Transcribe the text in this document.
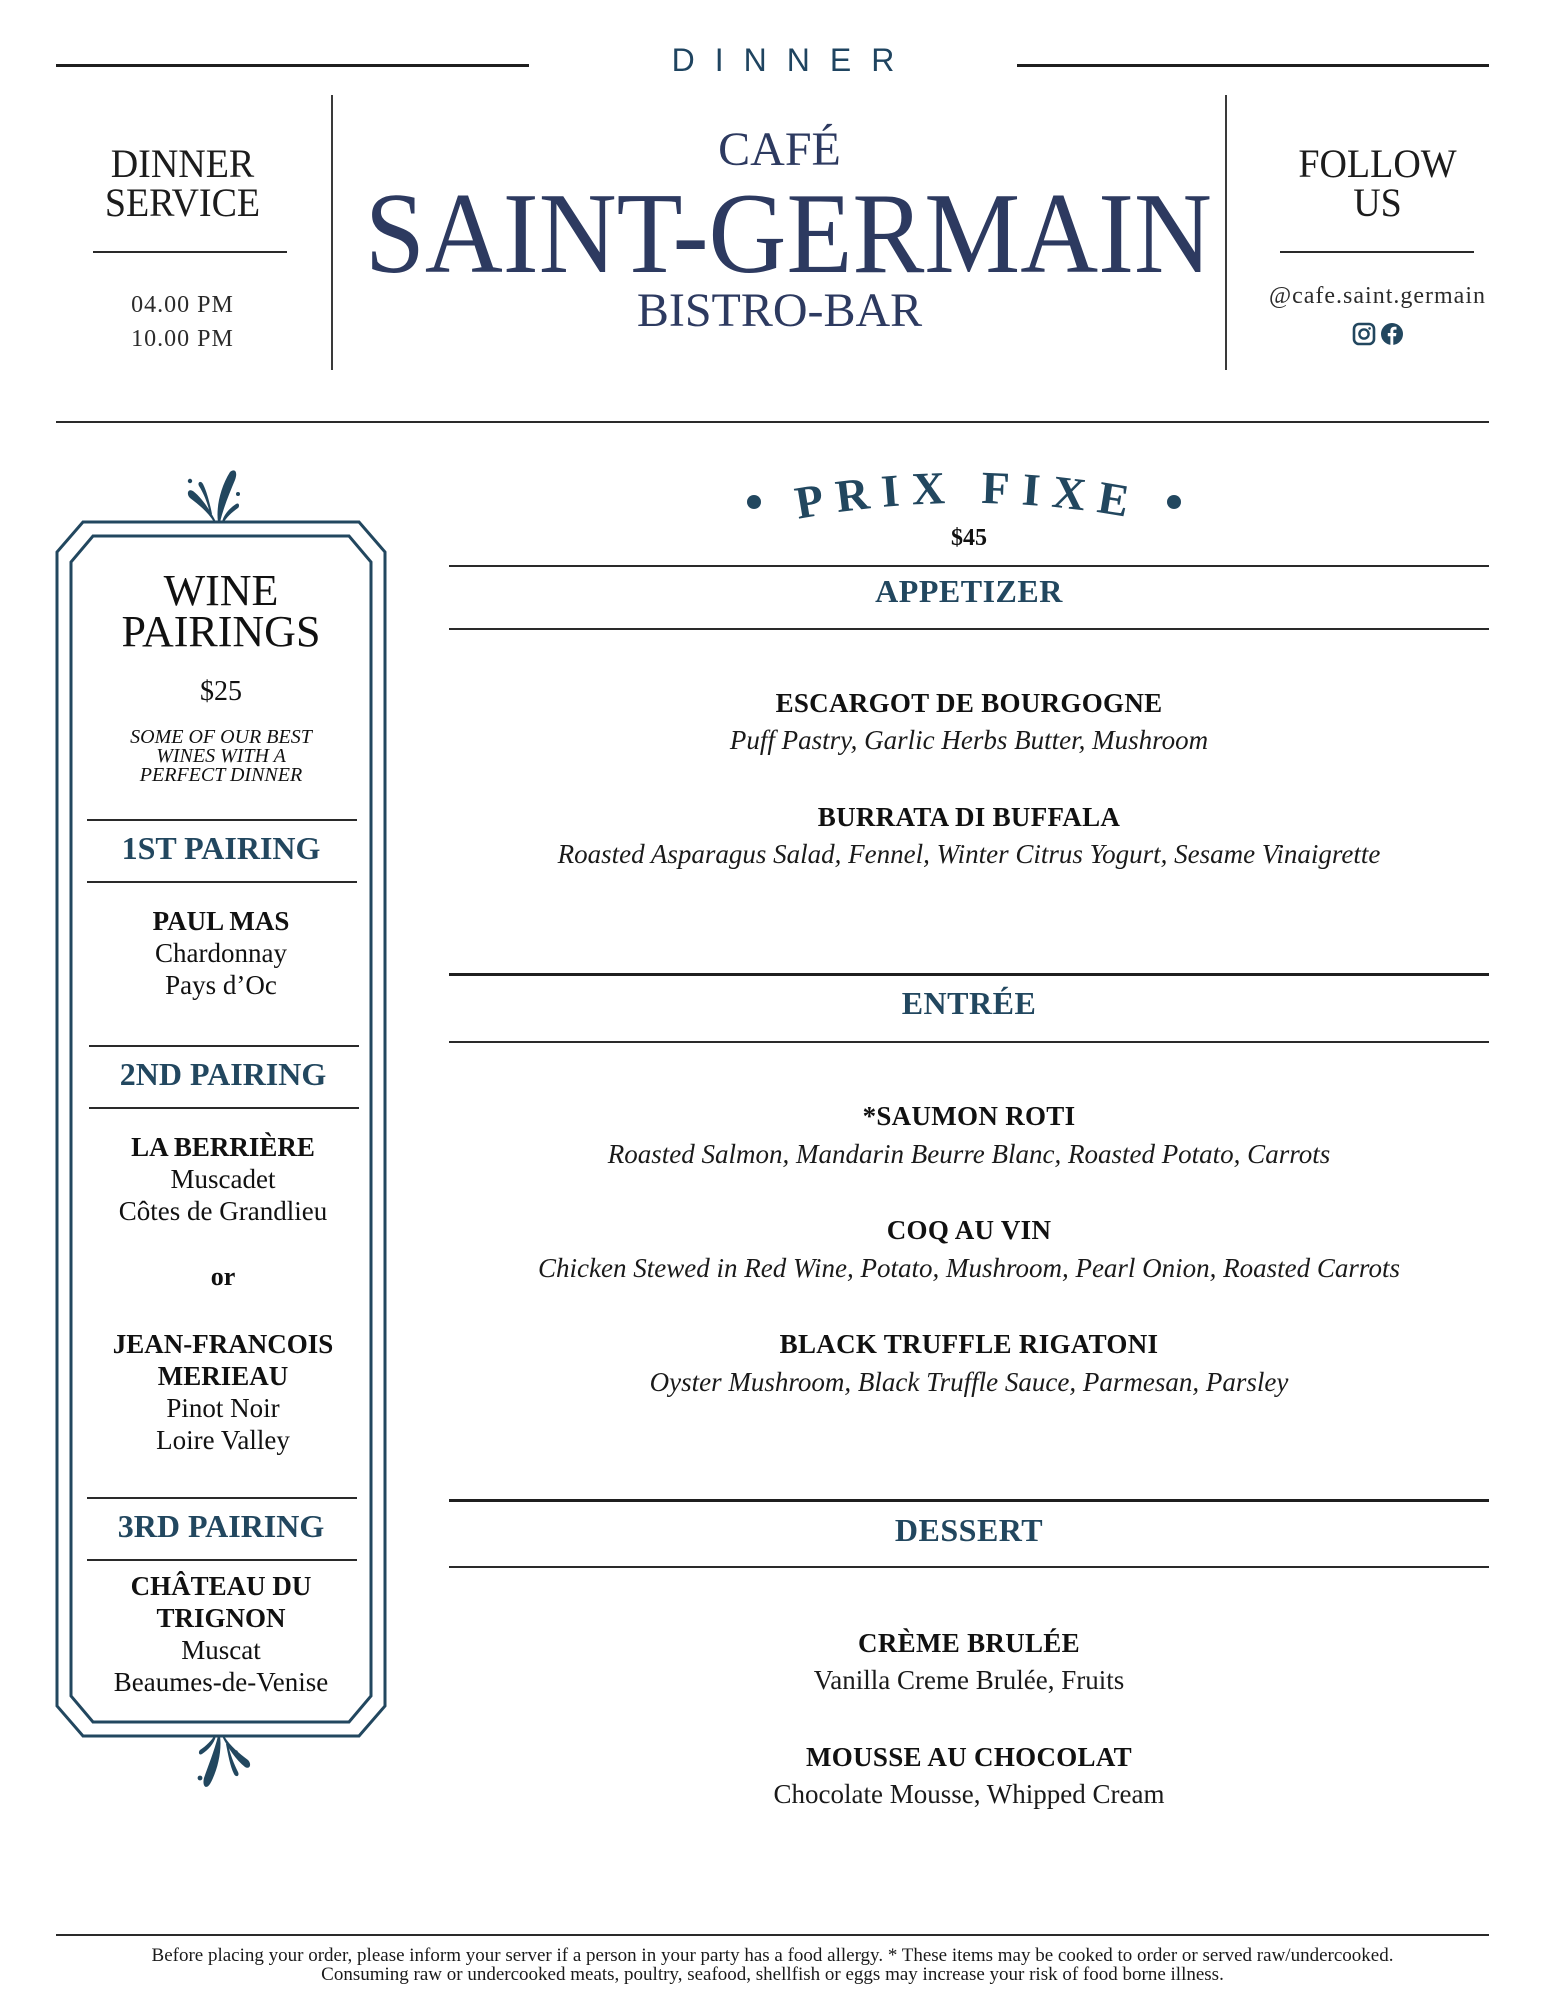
DINNER
DINNER
SERVICE
04.00 PM
10.00 PM
CAFÉ
SAINT-GERMAIN
BISTRO-BAR
FOLLOW
US
@cafe.saint.germain

WINE
PAIRINGS
$25
SOME OF OUR BEST
WINES WITH A
PERFECT DINNER
1ST PAIRING
PAUL MAS
Chardonnay
Pays d’Oc
2ND PAIRING
LA BERRIÈRE
Muscadet
Côtes de Grandlieu
or
JEAN-FRANCOIS
MERIEAU
Pinot Noir
Loire Valley
3RD PAIRING
CHÂTEAU DU
TRIGNON
Muscat
Beaumes-de-Venise
PRIX FIXE
$45
APPETIZER
ESCARGOT DE BOURGOGNE
Puff Pastry, Garlic Herbs Butter, Mushroom
BURRATA DI BUFFALA
Roasted Asparagus Salad, Fennel, Winter Citrus Yogurt, Sesame Vinaigrette
ENTRÉE
*SAUMON ROTI
Roasted Salmon, Mandarin Beurre Blanc, Roasted Potato, Carrots
COQ AU VIN
Chicken Stewed in Red Wine, Potato, Mushroom, Pearl Onion, Roasted Carrots
BLACK TRUFFLE RIGATONI
Oyster Mushroom, Black Truffle Sauce, Parmesan, Parsley
DESSERT
CRÈME BRULÉE
Vanilla Creme Brulée, Fruits
MOUSSE AU CHOCOLAT
Chocolate Mousse, Whipped Cream
Before placing your order, please inform your server if a person in your party has a food allergy. * These items may be cooked to order or served raw/undercooked.
Consuming raw or undercooked meats, poultry, seafood, shellfish or eggs may increase your risk of food borne illness.
